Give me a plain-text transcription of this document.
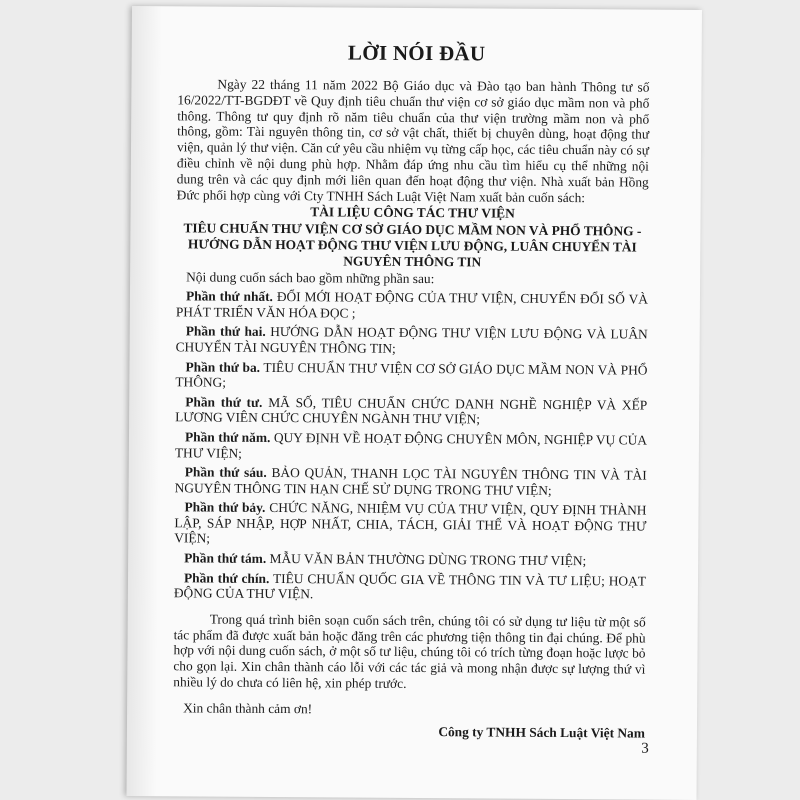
LỜI NÓI ĐẦU

Ngày 22 tháng 11 năm 2022 Bộ Giáo dục và Đào tạo ban hành Thông tư số 16/2022/TT-BGDĐT về Quy định tiêu chuẩn thư viện cơ sở giáo dục mầm non và phổ thông. Thông tư quy định rõ năm tiêu chuẩn của thư viện trường mầm non và phổ thông, gồm: Tài nguyên thông tin, cơ sở vật chất, thiết bị chuyên dùng, hoạt động thư viện, quản lý thư viện. Căn cứ yêu cầu nhiệm vụ từng cấp học, các tiêu chuẩn này có sự điều chỉnh về nội dung phù hợp. Nhằm đáp ứng nhu cầu tìm hiểu cụ thể những nội dung trên và các quy định mới liên quan đến hoạt động thư viện. Nhà xuất bản Hồng Đức phối hợp cùng với Cty TNHH Sách Luật Việt Nam xuất bản cuốn sách:

TÀI LIỆU CÔNG TÁC THƯ VIỆN

TIÊU CHUẨN THƯ VIỆN CƠ SỞ GIÁO DỤC MẦM NON VÀ PHỔ THÔNG - HƯỚNG DẪN HOẠT ĐỘNG THƯ VIỆN LƯU ĐỘNG, LUÂN CHUYỂN TÀI NGUYÊN THÔNG TIN

Nội dung cuốn sách bao gồm những phần sau:

Phần thứ nhất. ĐỔI MỚI HOẠT ĐỘNG CỦA THƯ VIỆN, CHUYỂN ĐỔI SỐ VÀ PHÁT TRIỂN VĂN HÓA ĐỌC ;

Phần thứ hai. HƯỚNG DẪN HOẠT ĐỘNG THƯ VIỆN LƯU ĐỘNG VÀ LUÂN CHUYỂN TÀI NGUYÊN THÔNG TIN;

Phần thứ ba. TIÊU CHUẨN THƯ VIỆN CƠ SỞ GIÁO DỤC MẦM NON VÀ PHỔ THÔNG;

Phần thứ tư. MÃ SỐ, TIÊU CHUẨN CHỨC DANH NGHỀ NGHIỆP VÀ XẾP LƯƠNG VIÊN CHỨC CHUYÊN NGÀNH THƯ VIỆN;

Phần thứ năm. QUY ĐỊNH VỀ HOẠT ĐỘNG CHUYÊN MÔN, NGHIỆP VỤ CỦA THƯ VIỆN;

Phần thứ sáu. BẢO QUẢN, THANH LỌC TÀI NGUYÊN THÔNG TIN VÀ TÀI NGUYÊN THÔNG TIN HẠN CHẾ SỬ DỤNG TRONG THƯ VIỆN;

Phần thứ bảy. CHỨC NĂNG, NHIỆM VỤ CỦA THƯ VIỆN, QUY ĐỊNH THÀNH LẬP, SÁP NHẬP, HỢP NHẤT, CHIA, TÁCH, GIẢI THỂ VÀ HOẠT ĐỘNG THƯ VIỆN;

Phần thứ tám. MẪU VĂN BẢN THƯỜNG DÙNG TRONG THƯ VIỆN;

Phần thứ chín. TIÊU CHUẨN QUỐC GIA VỀ THÔNG TIN VÀ TƯ LIỆU; HOẠT ĐỘNG CỦA THƯ VIỆN.

Trong quá trình biên soạn cuốn sách trên, chúng tôi có sử dụng tư liệu từ một số tác phẩm đã được xuất bản hoặc đăng trên các phương tiện thông tin đại chúng. Để phù hợp với nội dung cuốn sách, ở một số tư liệu, chúng tôi có trích từng đoạn hoặc lược bỏ cho gọn lại. Xin chân thành cáo lỗi với các tác giả và mong nhận được sự lượng thứ vì nhiều lý do chưa có liên hệ, xin phép trước.

Xin chân thành cảm ơn!

Công ty TNHH Sách Luật Việt Nam
3
